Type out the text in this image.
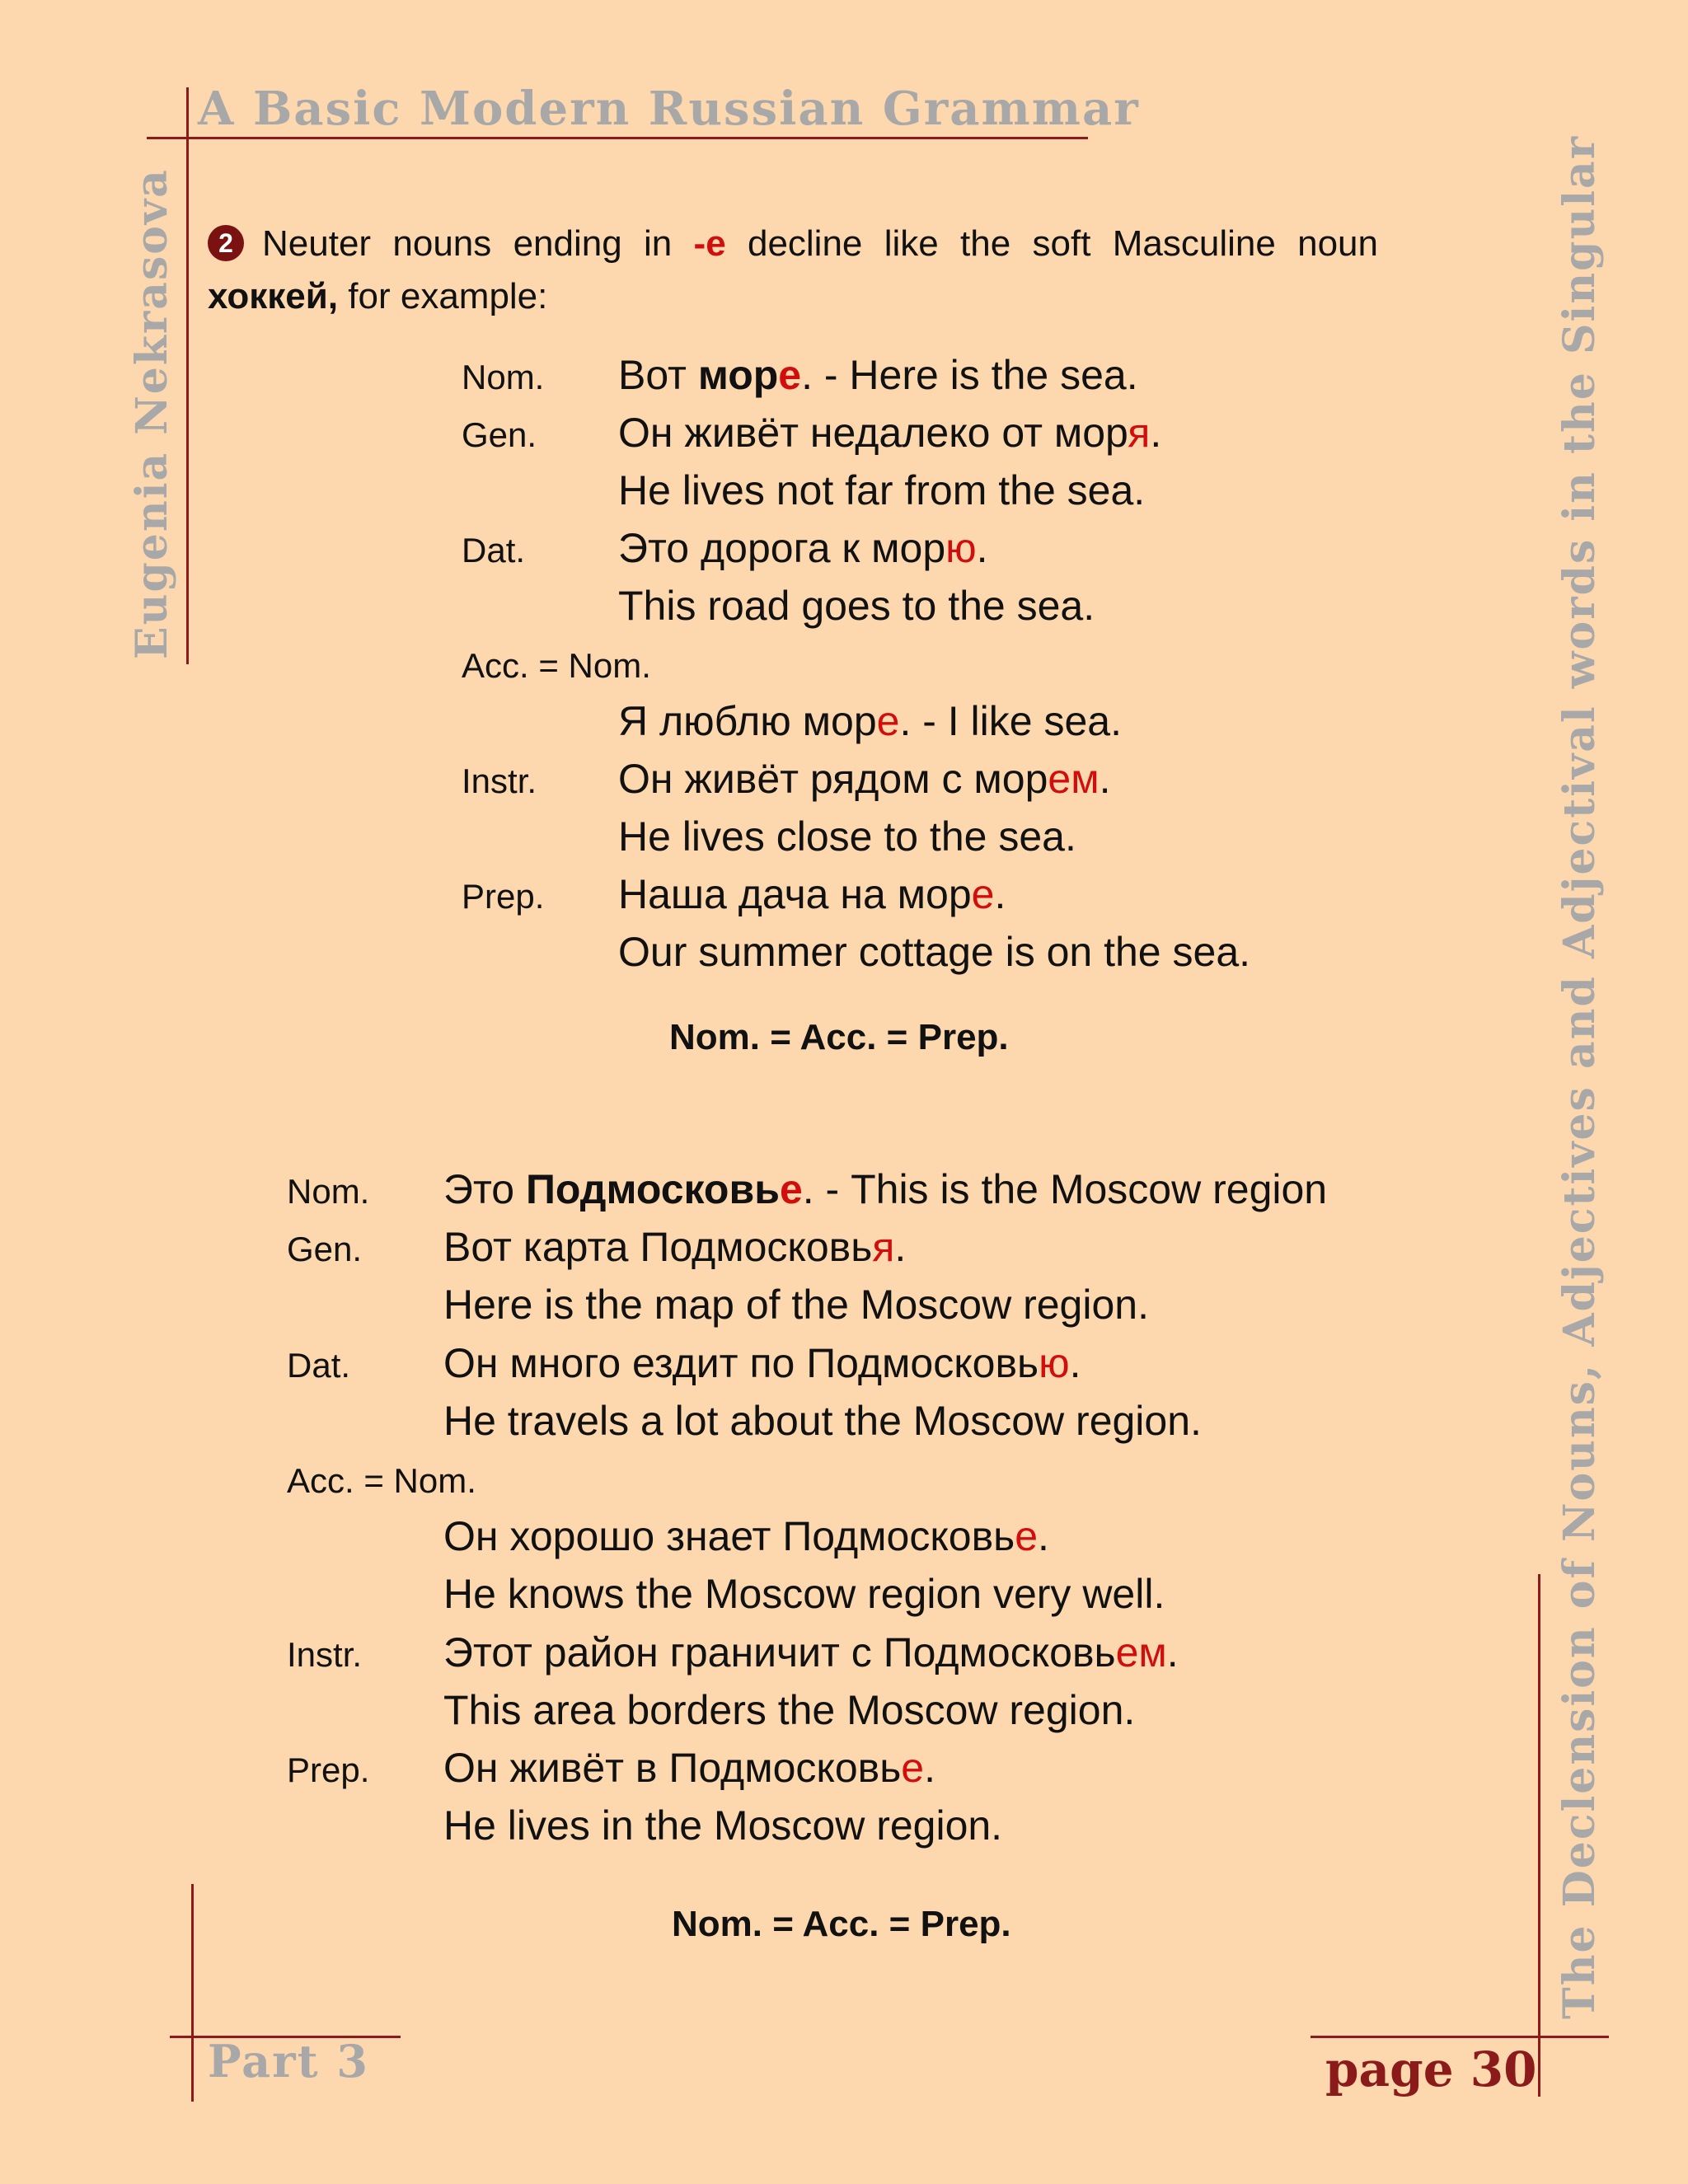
A Basic Modern Russian Grammar
Eugenia Nekrasova	The Declension of Nouns, Adjectives and Adjectival words in the Singular
2 Neuter nouns ending in -е decline like the soft Masculine noun
хоккей, for example:
Nom. = Acc. = Prep.
Nom. = Acc. = Prep.
Part 3	page 30
Nom. Вот море. - Here is the sea.
Gen. Он живёт недалеко от моря.
He lives not far from the sea.
Dat. Это дорога к морю.
This road goes to the sea.
Acc. = Nom.
Я люблю море. - I like sea.
Instr. Он живёт рядом с морем.
He lives close to the sea.
Prep. Наша дача на море.
Our summer cottage is on the sea.
Nom. Это Подмосковье. - This is the Moscow region
Gen. Вот карта Подмосковья.
Here is the map of the Moscow region.
Dat. Он много ездит по Подмосковью.
He travels a lot about the Moscow region.
Acc. = Nom.
Он хорошо знает Подмосковье.
He knows the Moscow region very well.
Instr. Этот район граничит с Подмосковьем.
This area borders the Moscow region.
Prep. Он живёт в Подмосковье.
He lives in the Moscow region.
